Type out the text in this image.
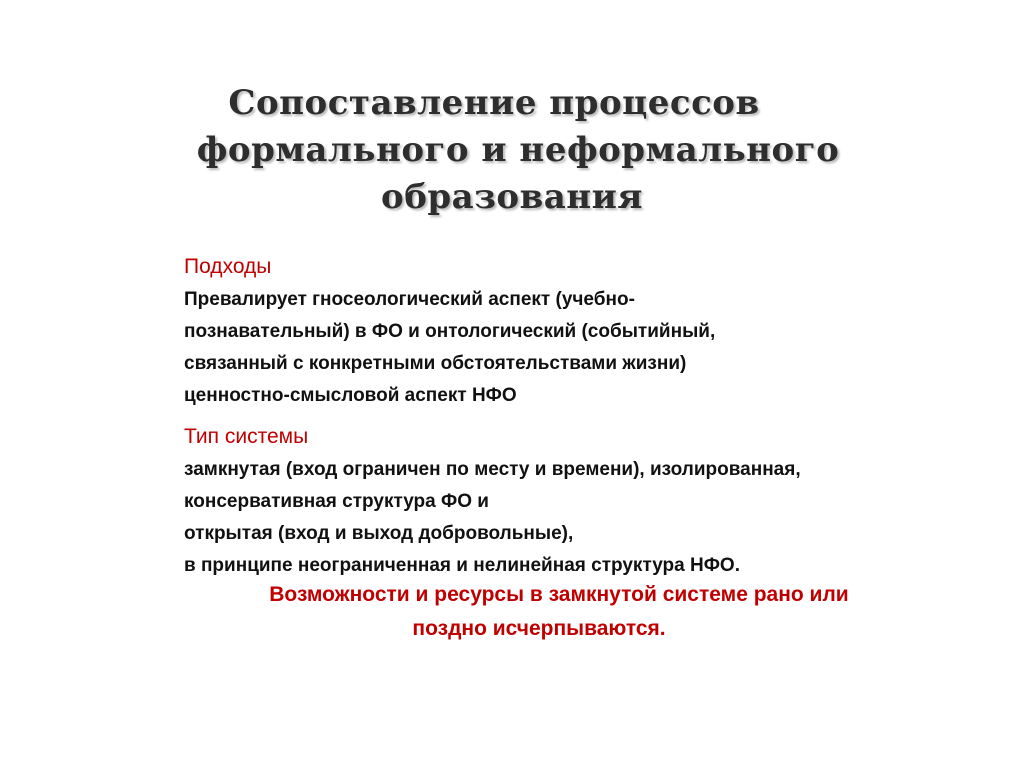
Сопоставление процессов
формального и неформального
образования
Подходы
Превалирует гносеологический аспект (учебно-
познавательный) в ФО и онтологический (событийный,
связанный с конкретными обстоятельствами жизни)
ценностно-смысловой аспект НФО
Тип системы
замкнутая (вход ограничен по месту и времени), изолированная,
консервативная структура ФО и
открытая (вход и выход добровольные),
в принципе неограниченная и нелинейная структура НФО.
Возможности и ресурсы в замкнутой системе рано или
поздно исчерпываются.
